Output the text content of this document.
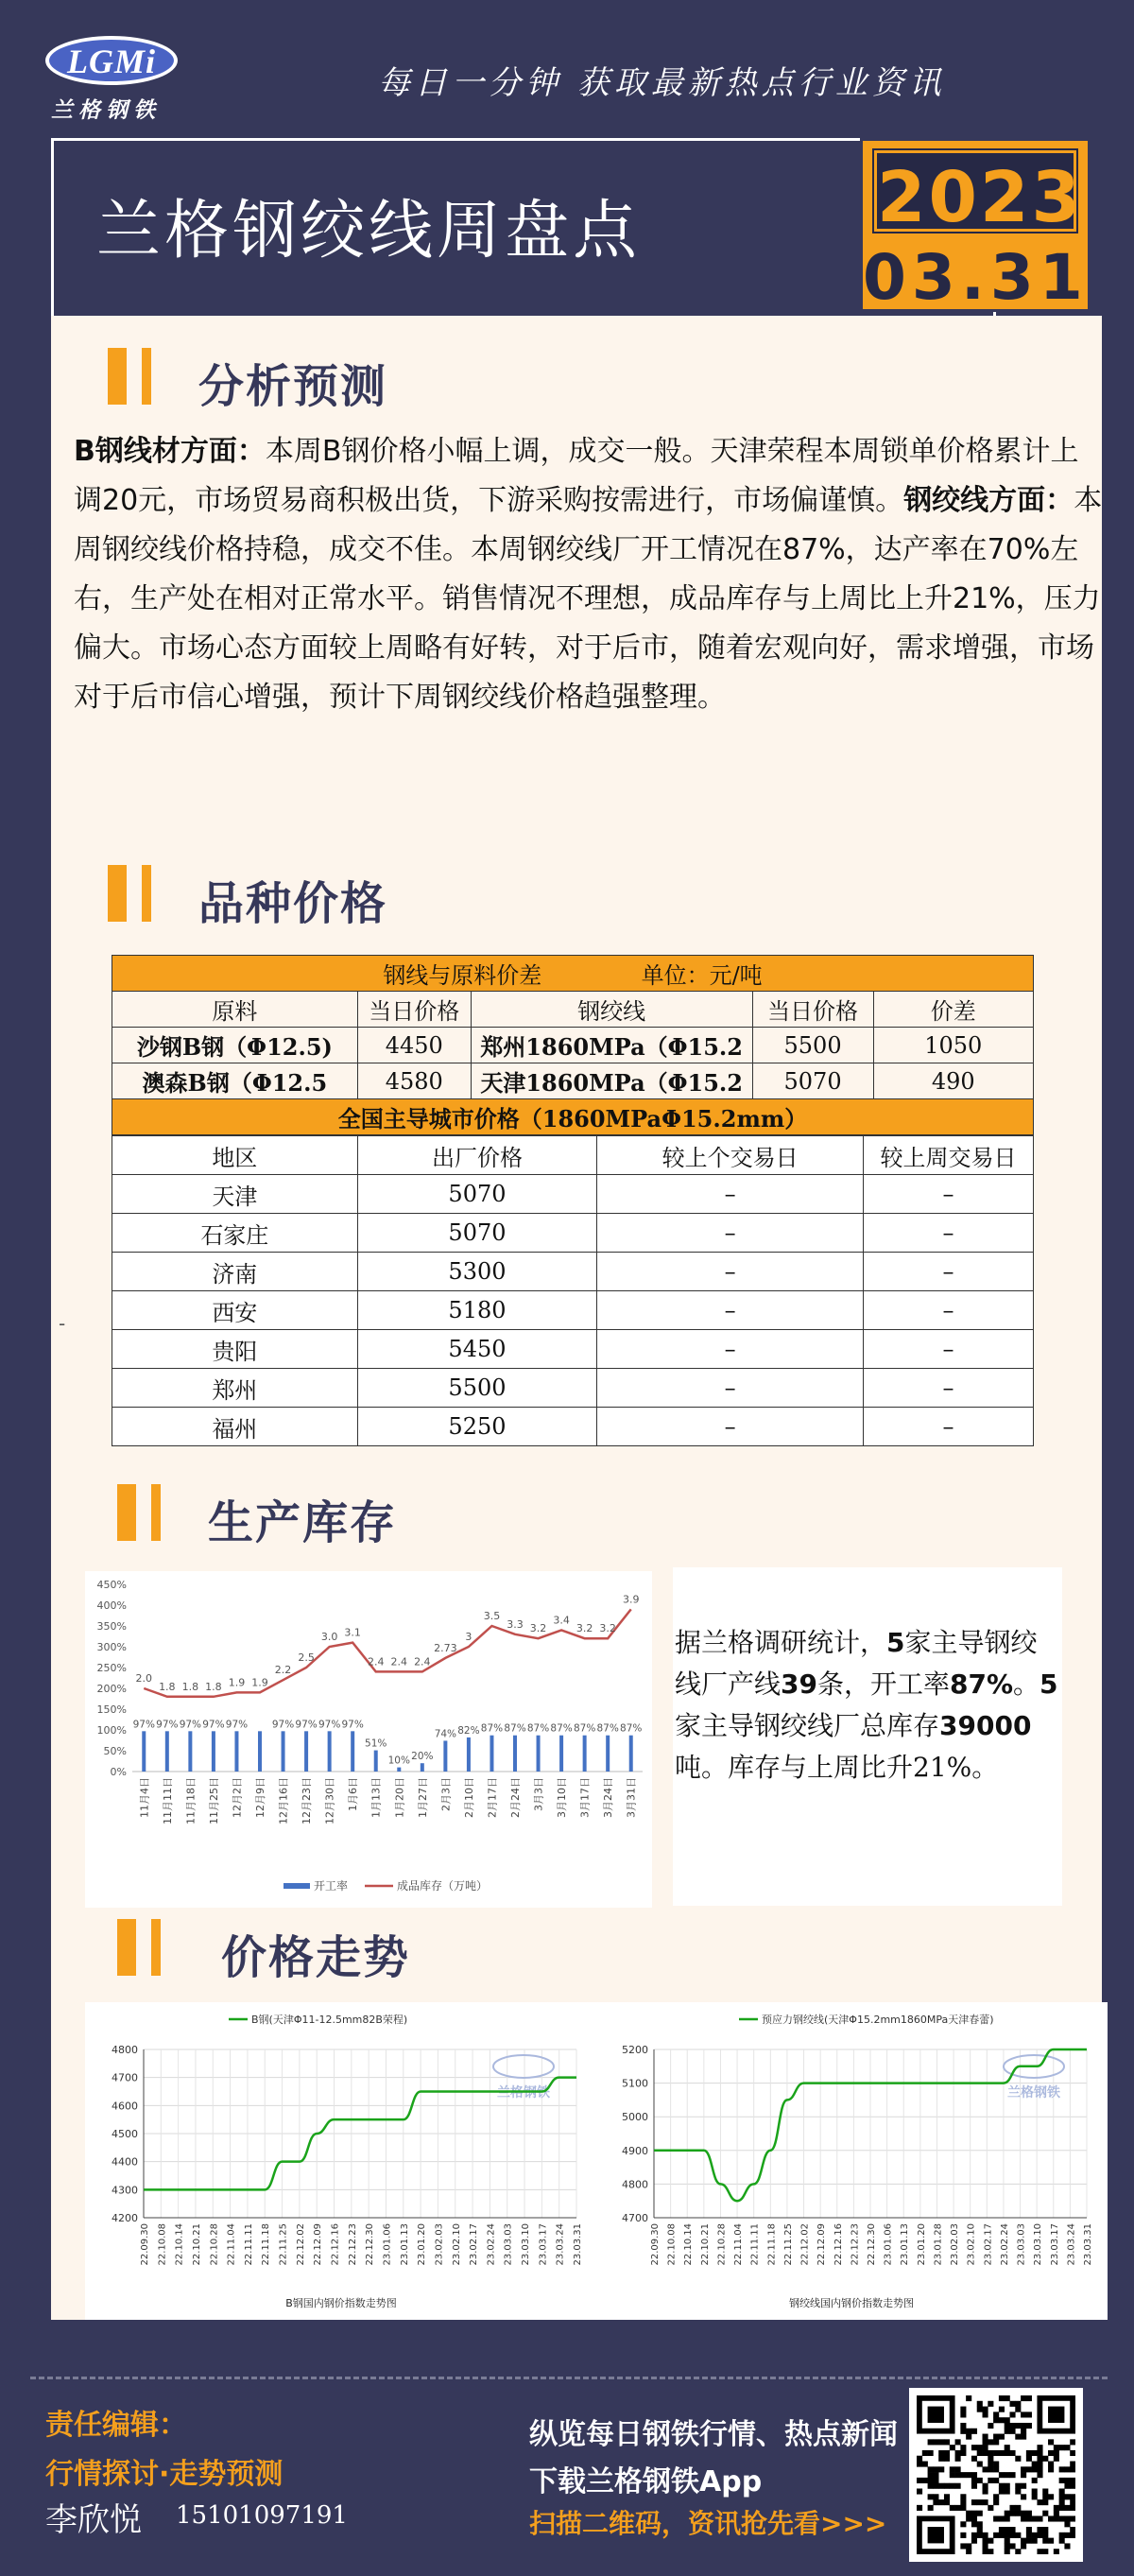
LGMi
兰格钢铁
每日一分钟 获取最新热点行业资讯
兰格钢绞线周盘点	2023
03.31
分析预测
B钢线材方面：本周B钢价格小幅上调，成交一般。天津荣程本周锁单价格累计上调20元，市场贸易商积极出货，下游采购按需进行，市场偏谨慎。钢绞线方面：本周钢绞线价格持稳，成交不佳。本周钢绞线厂开工情况在87%，达产率在70%左右，生产处在相对正常水平。销售情况不理想，成品库存与上周比上升21%，压力偏大。市场心态方面较上周略有好转，对于后市，随着宏观向好，需求增强，市场对于后市信心增强，预计下周钢绞线价格趋强整理。
品种价格
钢线与原料价差 单位：元/吨				
原料	当日价格	钢绞线	当日价格	价差
沙钢B钢（Φ12.5)	4450	郑州1860MPa（Φ15.2	5500	1050
澳森B钢（Φ12.5	4580	天津1860MPa（Φ15.2	5070	490
全国主导城市价格（1860MPaΦ15.2mm）				
地区	出厂价格	较上个交易日	较上周交易日
天津	5070	–	–
石家庄	5070	–	–
济南	5300	–	–
西安	5180	–	–
贵阳	5450	–	–
郑州	5500	–	–
福州	5250	–	–
-
生产库存
0%
50%
100%
150%
200%
250%
300%
350%
400%
450%
97% 97% 97% 97% 97% 97% 97% 97% 97%
51%
10% 20%
74% 82% 87% 87% 87% 87% 87% 87% 87%
2.0
1.8 1.8 1.8 1.9 1.9
2.2
2.5
3.0 3.1
2.4 2.4 2.4
2.73
3
3.5
3.3 3.2
3.4
3.2 3.2
3.9
11月4日 11月11日 11月18日 11月25日 12月2日 12月9日 12月16日 12月23日 12月30日 1月6日 1月13日 1月20日 1月27日 2月3日 2月10日 2月17日 2月24日 3月3日 3月10日 3月17日 3月24日 3月31日
开工率	成品库存（万吨）
据兰格调研统计，5家主导钢绞线厂产线39条，开工率87%。5家主导钢绞线厂总库存39000吨。库存与上周比升21%。
价格走势
B钢(天津Φ11-12.5mm82B荣程)
4200
4300
4400
4500
4600
4700
4800
兰格钢铁
22.09.30 22.10.08 22.10.14 22.10.21 22.10.28 22.11.04 22.11.11 22.11.18 22.11.25 22.12.02 22.12.09 22.12.16 22.12.23 22.12.30 23.01.06 23.01.13 23.01.20 23.02.03 23.02.10 23.02.17 23.02.24 23.03.03 23.03.10 23.03.17 23.03.24 23.03.31
B钢国内钢价指数走势图
预应力钢绞线(天津Φ15.2mm1860MPa天津春蕾)
4700
4800
4900
5000
5100
5200
兰格钢铁
22.09.30 22.10.08 22.10.14 22.10.21 22.10.28 22.11.04 22.11.11 22.11.18 22.11.25 22.12.02 22.12.09 22.12.16 22.12.23 22.12.30 23.01.06 23.01.13 23.01.20 23.01.28 23.02.03 23.02.10 23.02.17 23.02.24 23.03.03 23.03.10 23.03.17 23.03.24 23.03.31
钢绞线国内钢价指数走势图
责任编辑：
行情探讨·走势预测
李欣悦 15101097191
纵览每日钢铁行情、热点新闻
下载兰格钢铁App
扫描二维码，资讯抢先看>>>
